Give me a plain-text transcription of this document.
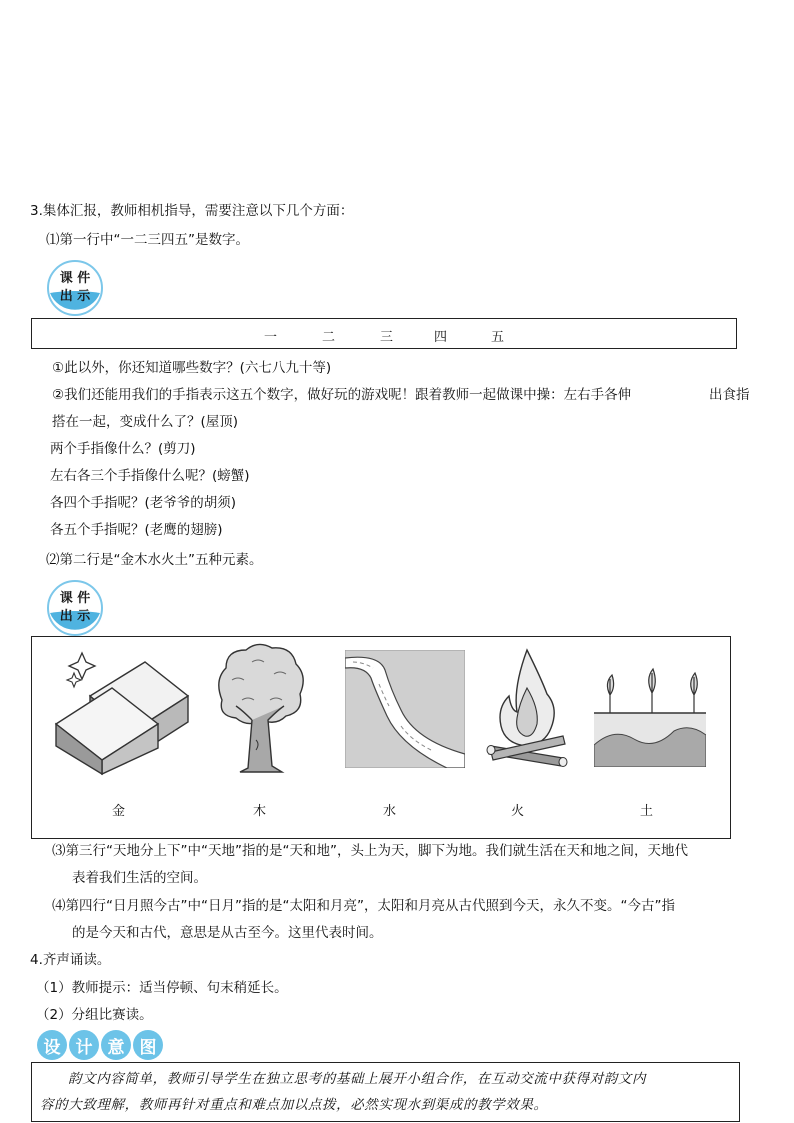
3.集体汇报，教师相机指导，需要注意以下几个方面：
⑴第一行中“一二三四五”是数字。
课 件
出 示
一	二	三	四	五
①此以外，你还知道哪些数字？(六七八九十等)
②我们还能用我们的手指表示这五个数字，做好玩的游戏呢！跟着教师一起做课中操：左右手各伸	出食指
搭在一起，变成什么了？(屋顶)
两个手指像什么？(剪刀)
左右各三个手指像什么呢？(螃蟹)
各四个手指呢？(老爷爷的胡须)
各五个手指呢？(老鹰的翅膀)
⑵第二行是“金木水火土”五种元素。
课 件
出 示
金	木	水	火	土
⑶第三行“天地分上下”中“天地”指的是“天和地”，头上为天，脚下为地。我们就生活在天和地之间，天地代
表着我们生活的空间。
⑷第四行“日月照今古”中“日月”指的是“太阳和月亮”，太阳和月亮从古代照到今天，永久不变。“今古”指
的是今天和古代，意思是从古至今。这里代表时间。
4.齐声诵读。
（1）教师提示：适当停顿、句末稍延长。
（2）分组比赛读。
设 计 意 图
韵文内容简单，教师引导学生在独立思考的基础上展开小组合作，在互动交流中获得对韵文内
容的大致理解，教师再针对重点和难点加以点拨，必然实现水到渠成的教学效果。
